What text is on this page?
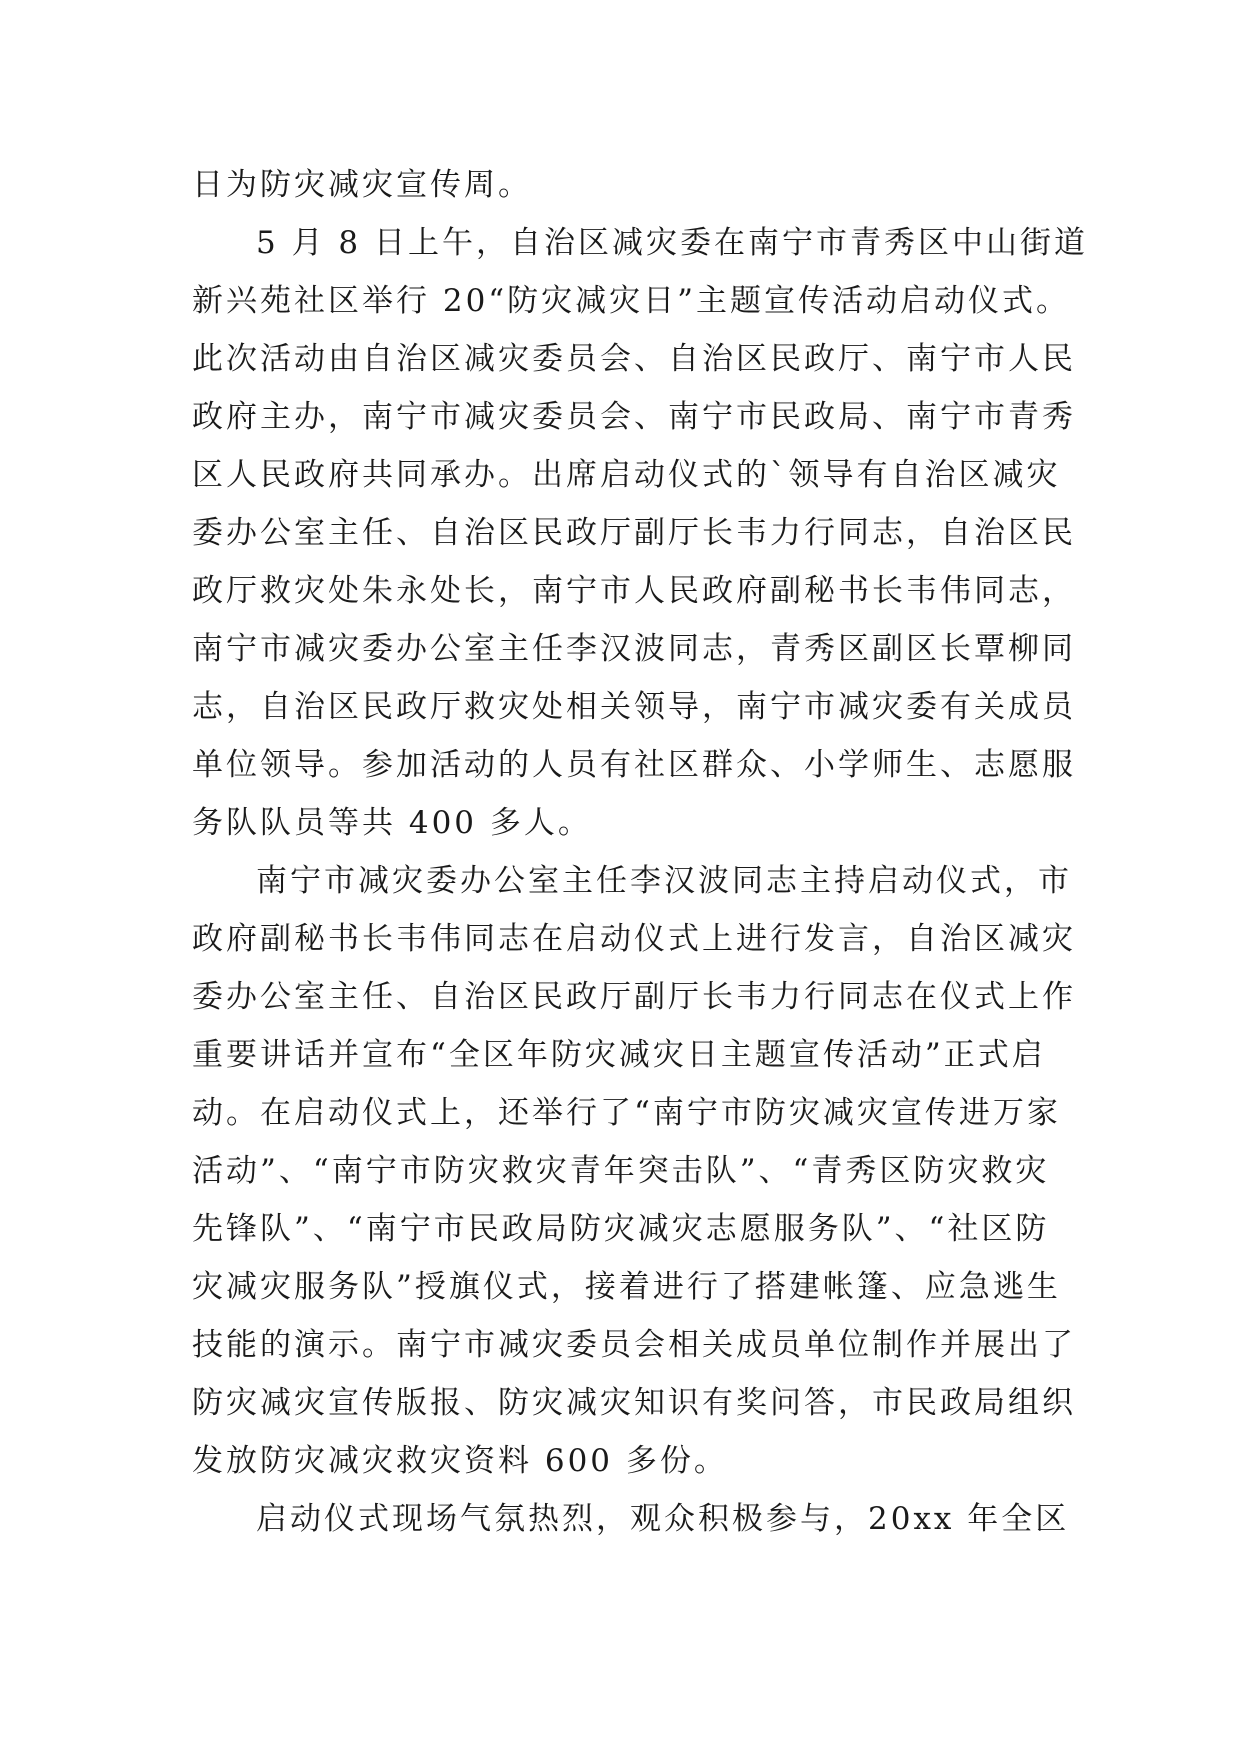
日为防灾减灾宣传周。
5 月 8 日上午，自治区减灾委在南宁市青秀区中山街道
新兴苑社区举行 20“防灾减灾日”主题宣传活动启动仪式。
此次活动由自治区减灾委员会、自治区民政厅、南宁市人民
政府主办，南宁市减灾委员会、南宁市民政局、南宁市青秀
区人民政府共同承办。出席启动仪式的`领导有自治区减灾
委办公室主任、自治区民政厅副厅长韦力行同志，自治区民
政厅救灾处朱永处长，南宁市人民政府副秘书长韦伟同志，
南宁市减灾委办公室主任李汉波同志，青秀区副区长覃柳同
志，自治区民政厅救灾处相关领导，南宁市减灾委有关成员
单位领导。参加活动的人员有社区群众、小学师生、志愿服
务队队员等共 400 多人。
南宁市减灾委办公室主任李汉波同志主持启动仪式，市
政府副秘书长韦伟同志在启动仪式上进行发言，自治区减灾
委办公室主任、自治区民政厅副厅长韦力行同志在仪式上作
重要讲话并宣布“全区年防灾减灾日主题宣传活动”正式启
动。在启动仪式上，还举行了“南宁市防灾减灾宣传进万家
活动”、“南宁市防灾救灾青年突击队”、“青秀区防灾救灾
先锋队”、“南宁市民政局防灾减灾志愿服务队”、“社区防
灾减灾服务队”授旗仪式，接着进行了搭建帐篷、应急逃生
技能的演示。南宁市减灾委员会相关成员单位制作并展出了
防灾减灾宣传版报、防灾减灾知识有奖问答，市民政局组织
发放防灾减灾救灾资料 600 多份。
启动仪式现场气氛热烈，观众积极参与，20xx 年全区
